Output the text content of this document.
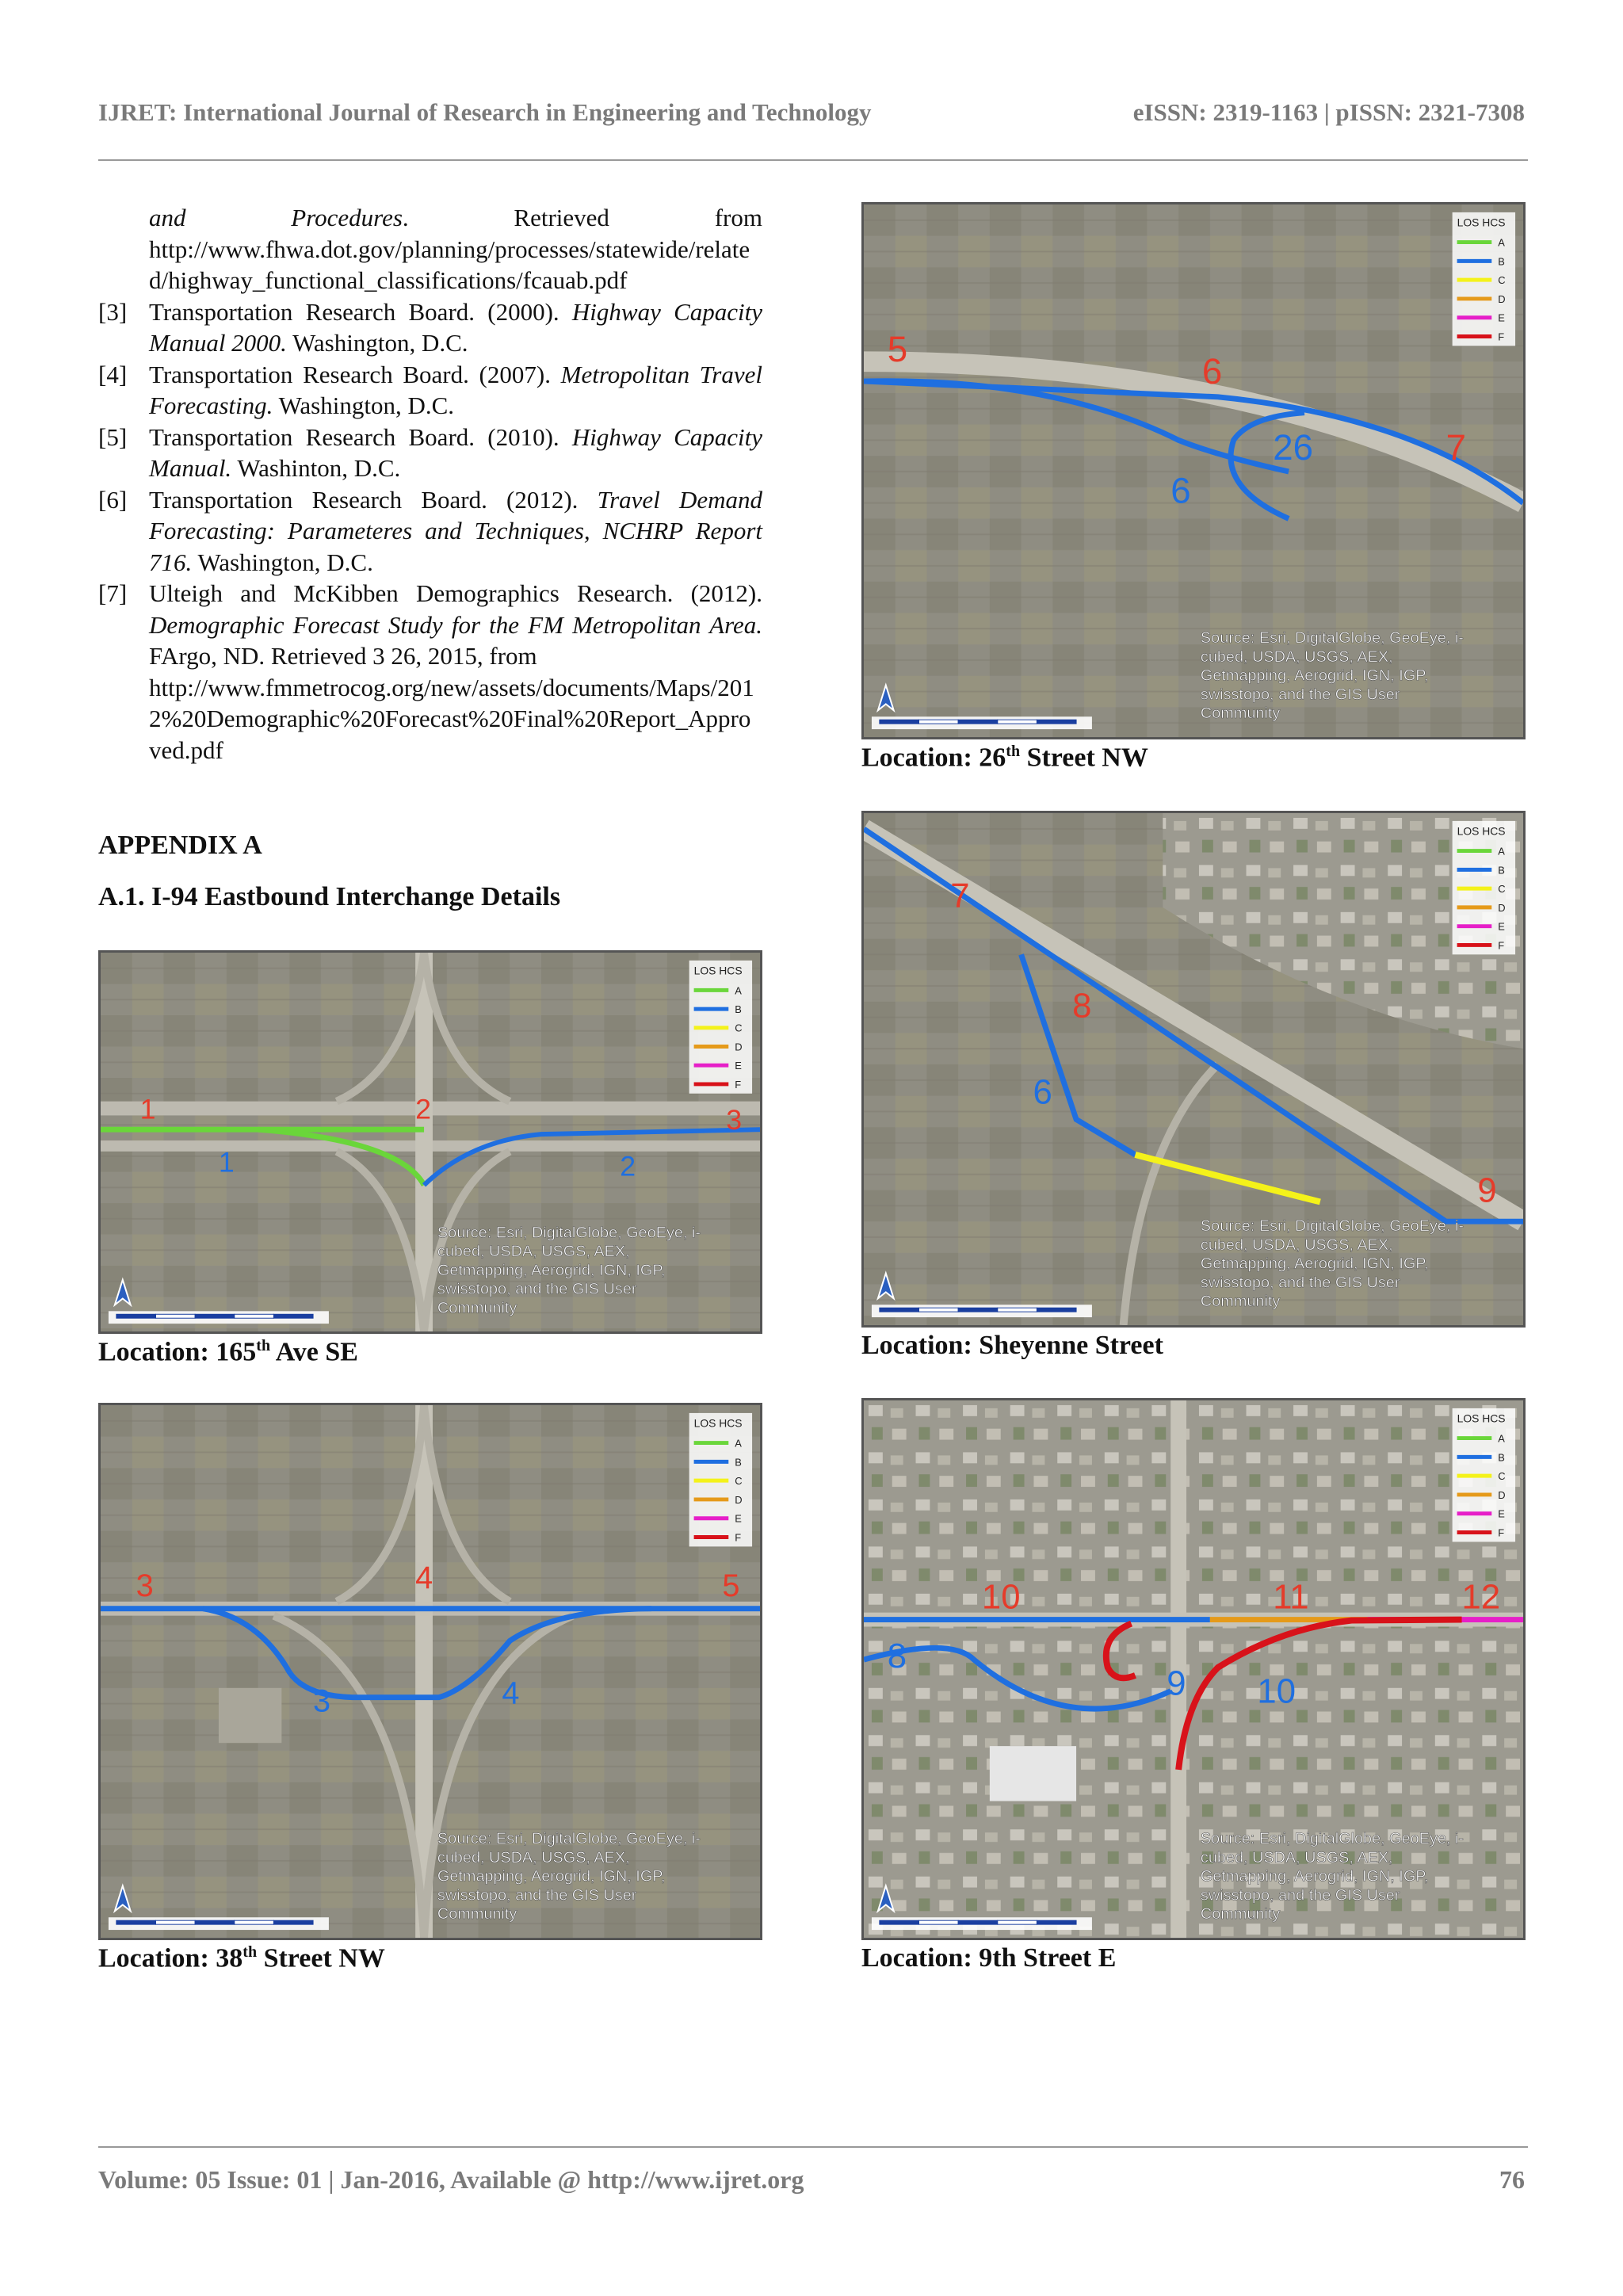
IJRET: International Journal of Research in Engineering and Technology	eISSN: 2319-1163 | pISSN: 2321-7308
and	Procedures.	Retrieved	from
http://www.fhwa.dot.gov/planning/processes/statewide/related/highway_functional_classifications/fcauab.pdf
[3] Transportation Research Board. (2000). Highway Capacity Manual 2000. Washington, D.C.
[4] Transportation Research Board. (2007). Metropolitan Travel Forecasting. Washington, D.C.
[5] Transportation Research Board. (2010). Highway Capacity Manual. Washinton, D.C.
[6] Transportation Research Board. (2012). Travel Demand Forecasting: Parameteres and Techniques, NCHRP Report 716. Washington, D.C.
[7] Ulteigh and McKibben Demographics Research. (2012). Demographic Forecast Study for the FM Metropolitan Area. FArgo, ND. Retrieved 3 26, 2015, from
http://www.fmmetrocog.org/new/assets/documents/Maps/2012%20Demographic%20Forecast%20Final%20Report_Approved.pdf
APPENDIX A
A.1. I-94 Eastbound Interchange Details
1	2	3
1	2
LOS HCS
A
B
C
D
E
F
Source: Esri, DigitalGlobe, GeoEye, i-
cubed, USDA, USGS, AEX,
Getmapping, Aerogrid, IGN, IGP,
swisstopo, and the GIS User
Community
Location: 165th Ave SE
3	4	5
3	4
LOS HCS
A
B
C
D
E
F
Source: Esri, DigitalGlobe, GeoEye, i-
cubed, USDA, USGS, AEX,
Getmapping, Aerogrid, IGN, IGP,
swisstopo, and the GIS User
Community
Location: 38th Street NW
5
6
26	7
6
LOS HCS
A
B
C
D
E
F
Source: Esri, DigitalGlobe, GeoEye, i-
cubed, USDA, USGS, AEX,
Getmapping, Aerogrid, IGN, IGP,
swisstopo, and the GIS User
Community
Location: 26th Street NW
7
8
6
9
LOS HCS
A
B
C
D
E
F
Source: Esri, DigitalGlobe, GeoEye, i-
cubed, USDA, USGS, AEX,
Getmapping, Aerogrid, IGN, IGP,
swisstopo, and the GIS User
Community
Location: Sheyenne Street
10	11	12
8
9 10
LOS HCS
A
B
C
D
E
F
Source: Esri, DigitalGlobe, GeoEye, i-
cubed, USDA, USGS, AEX,
Getmapping, Aerogrid, IGN, IGP,
swisstopo, and the GIS User
Community
Location: 9th Street E
Volume: 05 Issue: 01 | Jan-2016, Available @ http://www.ijret.org	76
